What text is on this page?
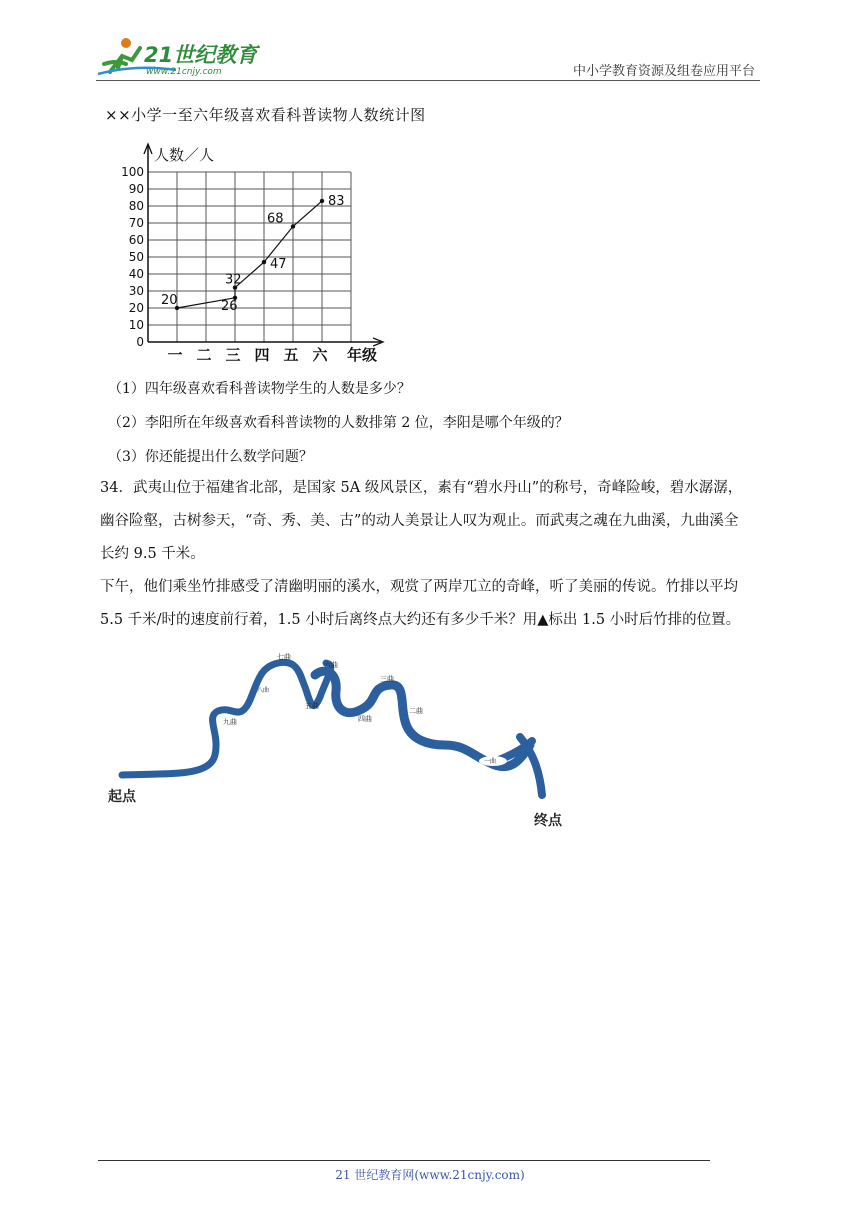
21世纪教育
www.21cnjy.com	中小学教育资源及组卷应用平台
××小学一至六年级喜欢看科普读物人数统计图
0
10
20
30
40
50
60
70
80
90
100
人数／人
一 二 三 四 五 六 年级
20	26
32
47
68
83
（1）四年级喜欢看科普读物学生的人数是多少？
（2）李阳所在年级喜欢看科普读物的人数排第 2 位，李阳是哪个年级的？
（3）你还能提出什么数学问题？
34．武夷山位于福建省北部，是国家 5A 级风景区，素有“碧水丹山”的称号，奇峰险峻，碧水潺潺，
幽谷险壑，古树参天，“奇、秀、美、古”的动人美景让人叹为观止。而武夷之魂在九曲溪，九曲溪全
长约 9.5 千米。
下午，他们乘坐竹排感受了清幽明丽的溪水，观赏了两岸兀立的奇峰，听了美丽的传说。竹排以平均
5.5 千米/时的速度前行着，1.5 小时后离终点大约还有多少千米？用▲标出 1.5 小时后竹排的位置。
起点
终点
一曲
二曲
三曲
四曲
五曲
六曲
七曲
八曲
九曲
21 世纪教育网(www.21cnjy.com)
